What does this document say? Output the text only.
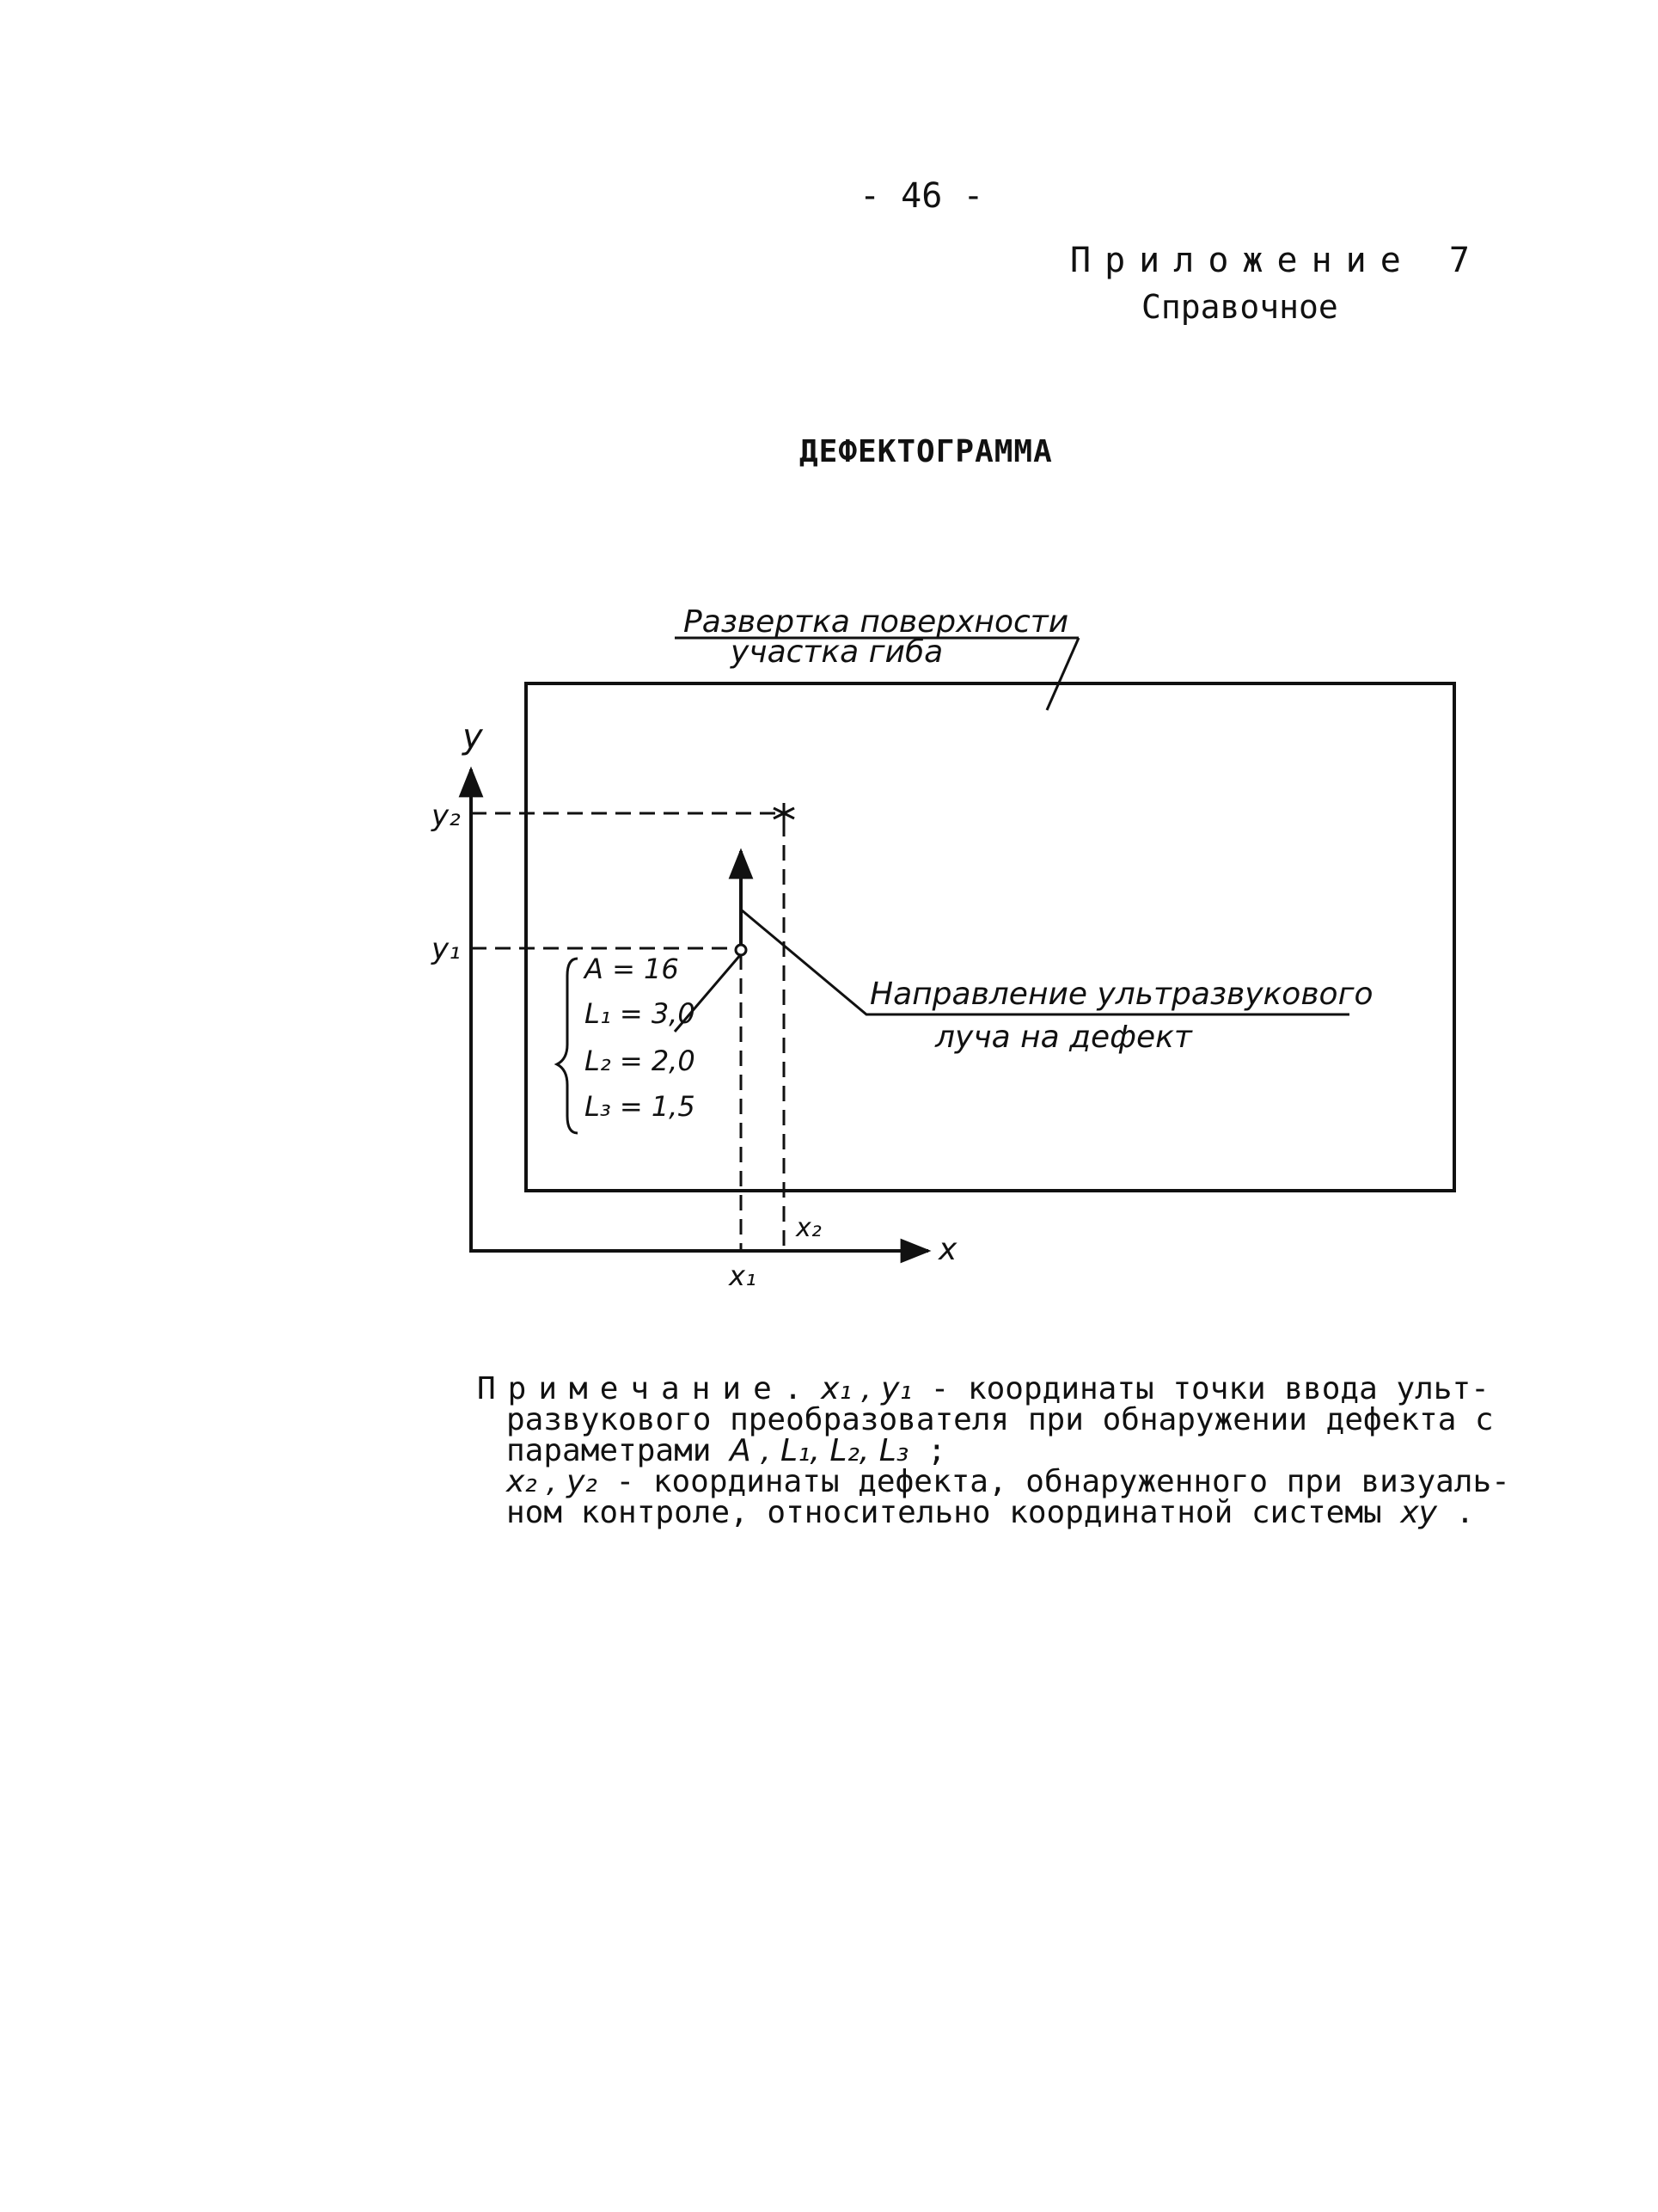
- 46 -
Приложение 7
Справочное
ДЕФЕКТОГРАММА
Развертка поверхности
участка гиба
y
x
y₂
y₁
x₁
x₂
Направление ультразвукового
луча на дефект
A = 16
L₁ = 3,0
L₂ = 2,0
L₃ = 1,5
Примечание. x₁ , y₁ - координаты точки ввода ульт-
развукового преобразователя при обнаружении дефекта с
параметрами A , L₁, L₂, L₃ ;
x₂ , y₂ - координаты дефекта, обнаруженного при визуаль-
ном контроле, относительно координатной системы xy .
